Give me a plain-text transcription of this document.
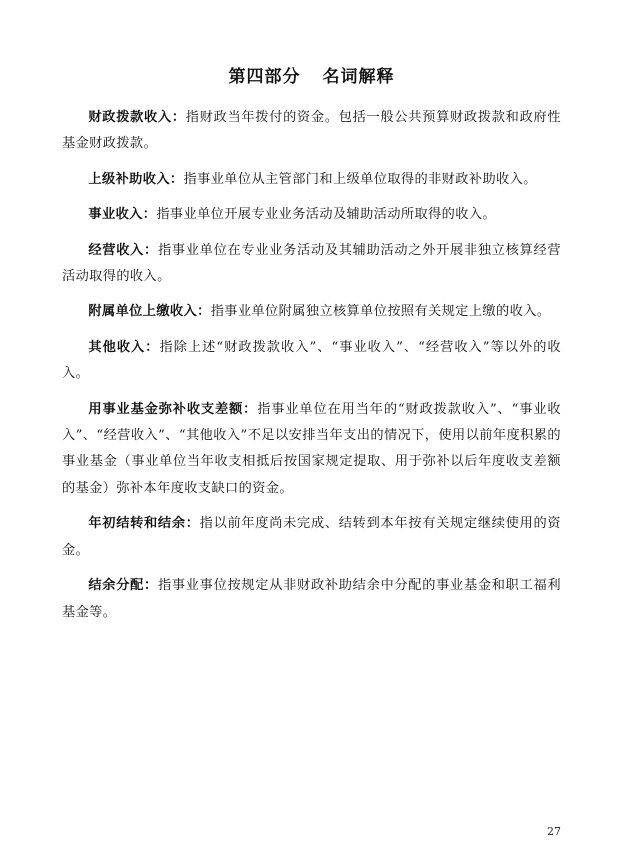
第四部分 名词解释

财政拨款收入：指财政当年拨付的资金。包括一般公共预算财政拨款和政府性基金财政拨款。

上级补助收入：指事业单位从主管部门和上级单位取得的非财政补助收入。

事业收入：指事业单位开展专业业务活动及辅助活动所取得的收入。

经营收入：指事业单位在专业业务活动及其辅助活动之外开展非独立核算经营活动取得的收入。

附属单位上缴收入：指事业单位附属独立核算单位按照有关规定上缴的收入。

其他收入：指除上述“财政拨款收入”、“事业收入”、“经营收入”等以外的收入。

用事业基金弥补收支差额：指事业单位在用当年的“财政拨款收入”、“事业收入”、“经营收入”、“其他收入”不足以安排当年支出的情况下，使用以前年度积累的事业基金（事业单位当年收支相抵后按国家规定提取、用于弥补以后年度收支差额的基金）弥补本年度收支缺口的资金。

年初结转和结余：指以前年度尚未完成、结转到本年按有关规定继续使用的资金。

结余分配：指事业事位按规定从非财政补助结余中分配的事业基金和职工福利基金等。

27
